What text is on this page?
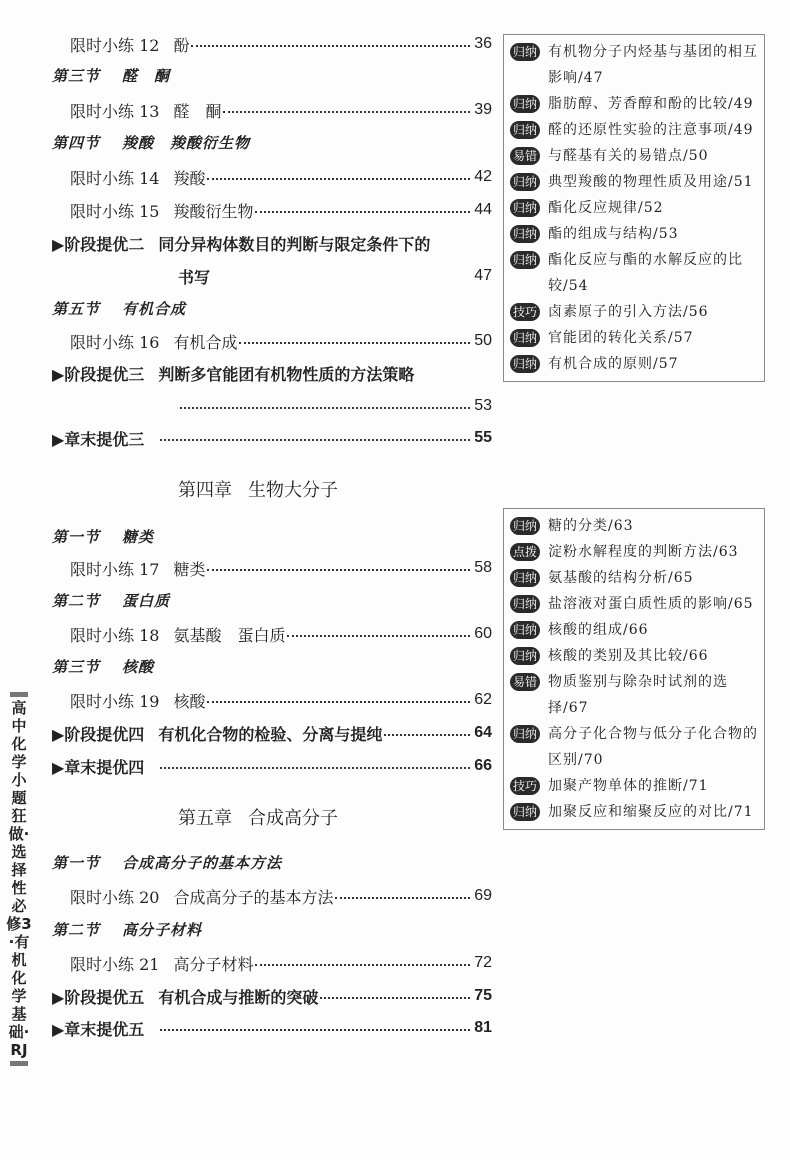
限时小练 12 酚	36
第三节 醛　酮
限时小练 13 醛　酮	39
第四节 羧酸　羧酸衍生物
限时小练 14 羧酸	42
限时小练 15 羧酸衍生物	44
▶阶段提优二 同分异构体数目的判断与限定条件下的
书写	47
第五节 有机合成
限时小练 16 有机合成	50
▶阶段提优三 判断多官能团有机物性质的方法策略
53
▶章末提优三	55
第四章 生物大分子
第一节 糖类
限时小练 17 糖类	58
第二节 蛋白质
限时小练 18 氨基酸　蛋白质	60
第三节 核酸
限时小练 19 核酸	62
▶阶段提优四 有机化合物的检验、分离与提纯	64
▶章末提优四	66
第五章 合成高分子
第一节 合成高分子的基本方法
限时小练 20 合成高分子的基本方法	69
第二节 高分子材料
限时小练 21 高分子材料	72
▶阶段提优五 有机合成与推断的突破	75
▶章末提优五	81
归纳 有机物分子内烃基与基团的相互影响/47
归纳 脂肪醇、芳香醇和酚的比较/49
归纳 醛的还原性实验的注意事项/49
易错 与醛基有关的易错点/50
归纳 典型羧酸的物理性质及用途/51
归纳 酯化反应规律/52
归纳 酯的组成与结构/53
归纳 酯化反应与酯的水解反应的比较/54
技巧 卤素原子的引入方法/56
归纳 官能团的转化关系/57
归纳 有机合成的原则/57
归纳 糖的分类/63
点拨 淀粉水解程度的判断方法/63
归纳 氨基酸的结构分析/65
归纳 盐溶液对蛋白质性质的影响/65
归纳 核酸的组成/66
归纳 核酸的类别及其比较/66
易错 物质鉴别与除杂时试剂的选择/67
归纳 高分子化合物与低分子化合物的区别/70
技巧 加聚产物单体的推断/71
归纳 加聚反应和缩聚反应的对比/71
高中化学 小题狂做·选择性必修3·有机化学基础·RJ
